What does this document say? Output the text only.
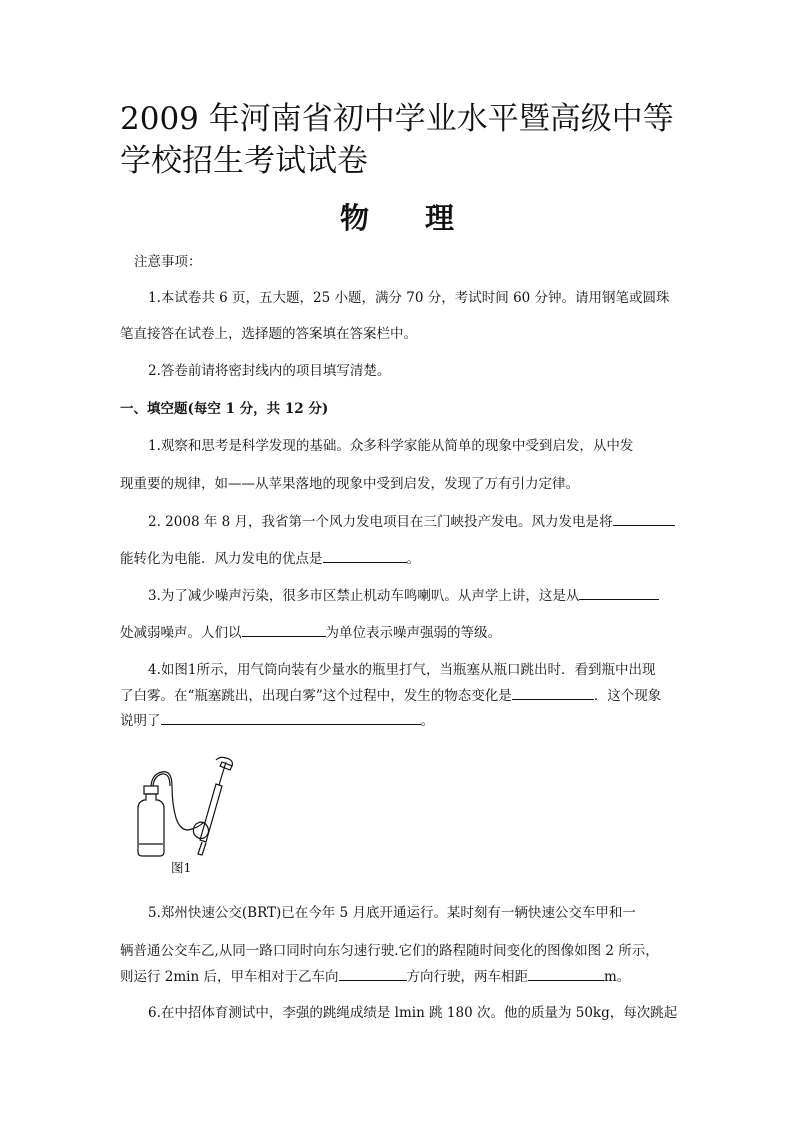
2009 年河南省初中学业水平暨高级中等学校招生考试试卷
物理
注意事项：
1.本试卷共 6 页，五大题，25 小题，满分 70 分，考试时间 60 分钟。请用钢笔或圆珠
笔直接答在试卷上，选择题的答案填在答案栏中。
2.答卷前请将密封线内的项目填写清楚。
一、填空题(每空 1 分，共 12 分)
1.观察和思考是科学发现的基础。众多科学家能从简单的现象中受到启发，从中发
现重要的规律，如——从苹果落地的现象中受到启发，发现了万有引力定律。
2. 2008 年 8 月，我省第一个风力发电项目在三门峡投产发电。风力发电是将
能转化为电能．风力发电的优点是	。
3.为了减少噪声污染，很多市区禁止机动车鸣喇叭。从声学上讲，这是从
处减弱噪声。人们以	为单位表示噪声强弱的等级。
4.如图1所示，用气筒向装有少量水的瓶里打气，当瓶塞从瓶口跳出时．看到瓶中出现
了白雾。在“瓶塞跳出，出现白雾”这个过程中，发生的物态变化是	．这个现象
说明了	。
图1
5.郑州快速公交(BRT)已在今年 5 月底开通运行。某时刻有一辆快速公交车甲和一
辆普通公交车乙,从同一路口同时向东匀速行驶.它们的路程随时间变化的图像如图 2 所示，
则运行 2min 后，甲车相对于乙车向	方向行驶，两车相距	m。
6.在中招体育测试中，李强的跳绳成绩是 lmin 跳 180 次。他的质量为 50kg，每次跳起
